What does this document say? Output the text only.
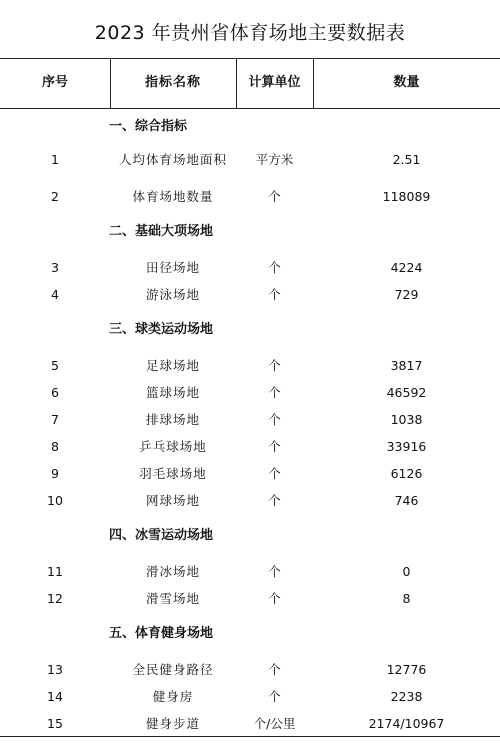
2023 年贵州省体育场地主要数据表
序号	指标名称	计算单位	数量
一、综合指标
1	人均体育场地面积	平方米	2.51
2	体育场地数量	个	118089
二、基础大项场地
3	田径场地	个	4224
4	游泳场地	个	729
三、球类运动场地
5	足球场地	个	3817
6	篮球场地	个	46592
7	排球场地	个	1038
8	乒乓球场地	个	33916
9	羽毛球场地	个	6126
10	网球场地	个	746
四、冰雪运动场地
11	滑冰场地	个	0
12	滑雪场地	个	8
五、体育健身场地
13	全民健身路径	个	12776
14	健身房	个	2238
15	健身步道	个/公里	2174/10967
